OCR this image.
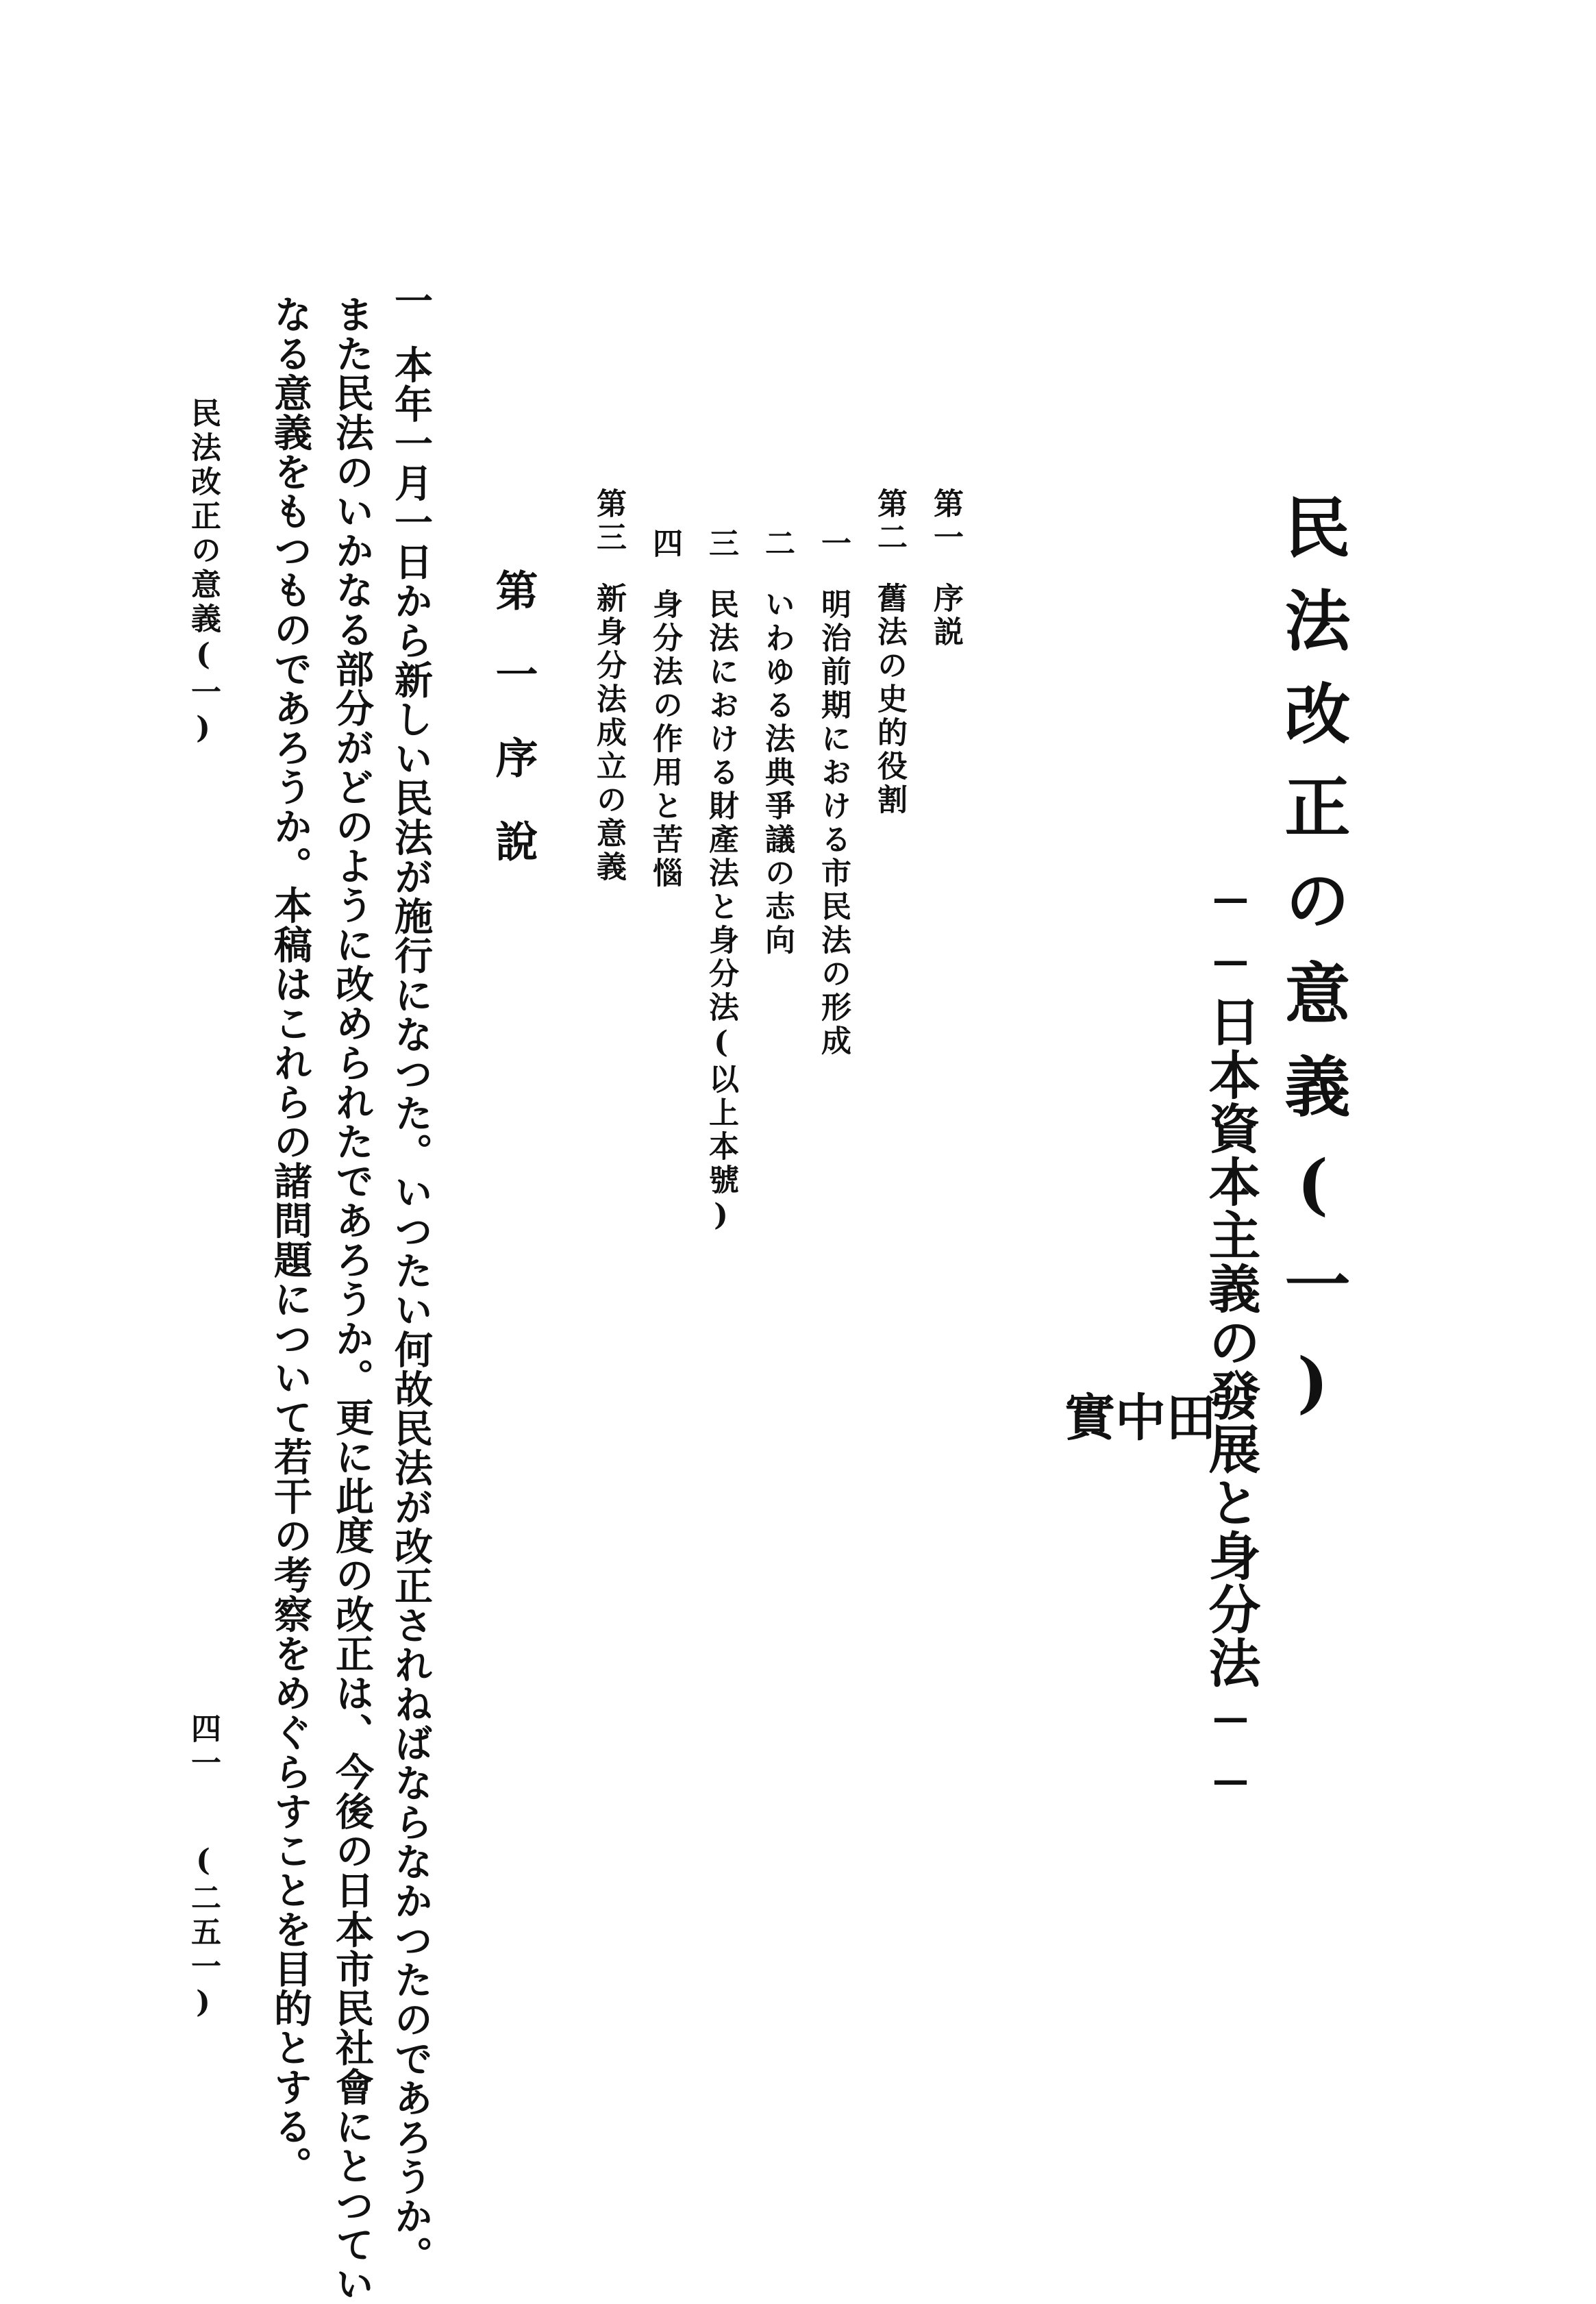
民法改正の意義(一)
──日本資本主義の發展と身分法──
田
中
實
第一序説
第二舊法の史的役割
一明治前期における市民法の形成
二いわゆる法典爭議の志向
三民法における財產法と身分法(以上本號)
四身分法の作用と苦惱
第三新身分法成立の意義
第一序說

一本年一月一日から新しい民法が施行になつた。いつたい何故民法が改正されねばならなかつたのであろうか。

また民法のいかなる部分がどのように改められたであろうか。更に此度の改正は、今後の日本市民社會にとつてい

なる意義をもつものであろうか。本稿はこれらの諸問題について若干の考察をめぐらすことを目的とする。

民法改正の意義(一)
四一(二五一)
